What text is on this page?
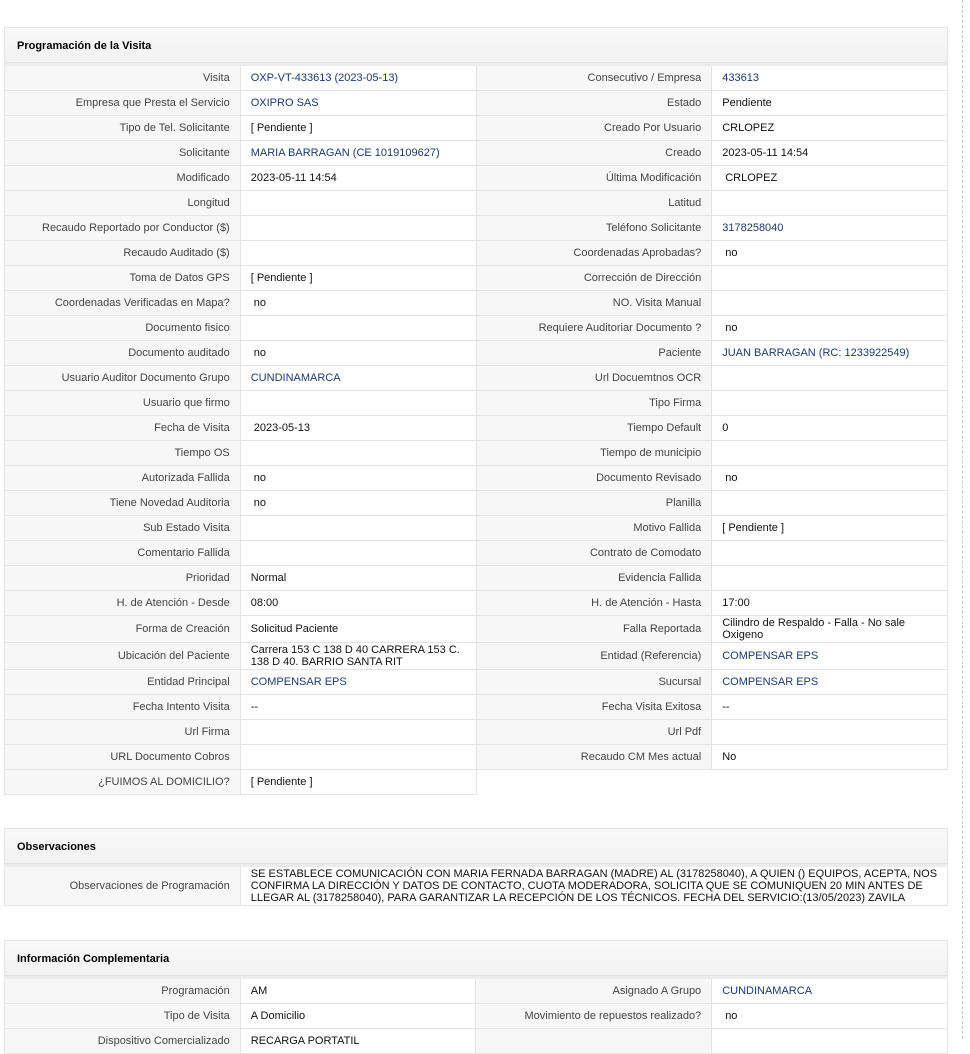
Programación de la Visita
Visita	OXP-VT-433613 (2023-05-13)	Consecutivo / Empresa	433613
Empresa que Presta el Servicio	OXIPRO SAS	Estado	Pendiente
Tipo de Tel. Solicitante	[ Pendiente ]	Creado Por Usuario	CRLOPEZ
Solicitante	MARIA BARRAGAN (CE 1019109627)	Creado	2023-05-11 14:54
Modificado	2023-05-11 14:54	Última Modificación	CRLOPEZ
Longitud		Latitud	
Recaudo Reportado por Conductor ($)		Teléfono Solicitante	3178258040
Recaudo Auditado ($)		Coordenadas Aprobadas?	no
Toma de Datos GPS	[ Pendiente ]	Corrección de Dirección	
Coordenadas Verificadas en Mapa?	no	NO. Visita Manual	
Documento fisico		Requiere Auditoriar Documento ?	no
Documento auditado	no	Paciente	JUAN BARRAGAN (RC: 1233922549)
Usuario Auditor Documento Grupo	CUNDINAMARCA	Url Docuemtnos OCR	
Usuario que firmo		Tipo Firma	
Fecha de Visita	2023-05-13	Tiempo Default	0
Tiempo OS		Tiempo de municipio	
Autorizada Fallida	no	Documento Revisado	no
Tiene Novedad Auditoria	no	Planilla	
Sub Estado Visita		Motivo Fallida	[ Pendiente ]
Comentario Fallida		Contrato de Comodato	
Prioridad	Normal	Evidencia Fallida	
H. de Atención - Desde	08:00	H. de Atención - Hasta	17:00
Forma de Creación	Solicitud Paciente	Falla Reportada	Cilindro de Respaldo - Falla - No sale Oxigeno
Ubicación del Paciente	Carrera 153 C 138 D 40 CARRERA 153 C. 138 D 40. BARRIO SANTA RIT	Entidad (Referencia)	COMPENSAR EPS
Entidad Principal	COMPENSAR EPS	Sucursal	COMPENSAR EPS
Fecha Intento Visita	--	Fecha Visita Exitosa	--
Url Firma		Url Pdf	
URL Documento Cobros		Recaudo CM Mes actual	No
¿FUIMOS AL DOMICILIO?	[ Pendiente ]		
Observaciones
Observaciones de Programación	SE ESTABLECE COMUNICACIÓN CON MARIA FERNADA BARRAGAN (MADRE) AL (3178258040), A QUIEN () EQUIPOS, ACEPTA, NOS CONFIRMA LA DIRECCIÓN Y DATOS DE CONTACTO, CUOTA MODERADORA, SOLICITA QUE SE COMUNIQUEN 20 MIN ANTES DE LLEGAR AL (3178258040), PARA GARANTIZAR LA RECEPCIÓN DE LOS TÉCNICOS. FECHA DEL SERVICIO:(13/05/2023) ZAVILA
Información Complementaria
Programación	AM	Asignado A Grupo	CUNDINAMARCA
Tipo de Visita	A Domicilio	Movimiento de repuestos realizado?	no
Dispositivo Comercializado	RECARGA PORTATIL		
